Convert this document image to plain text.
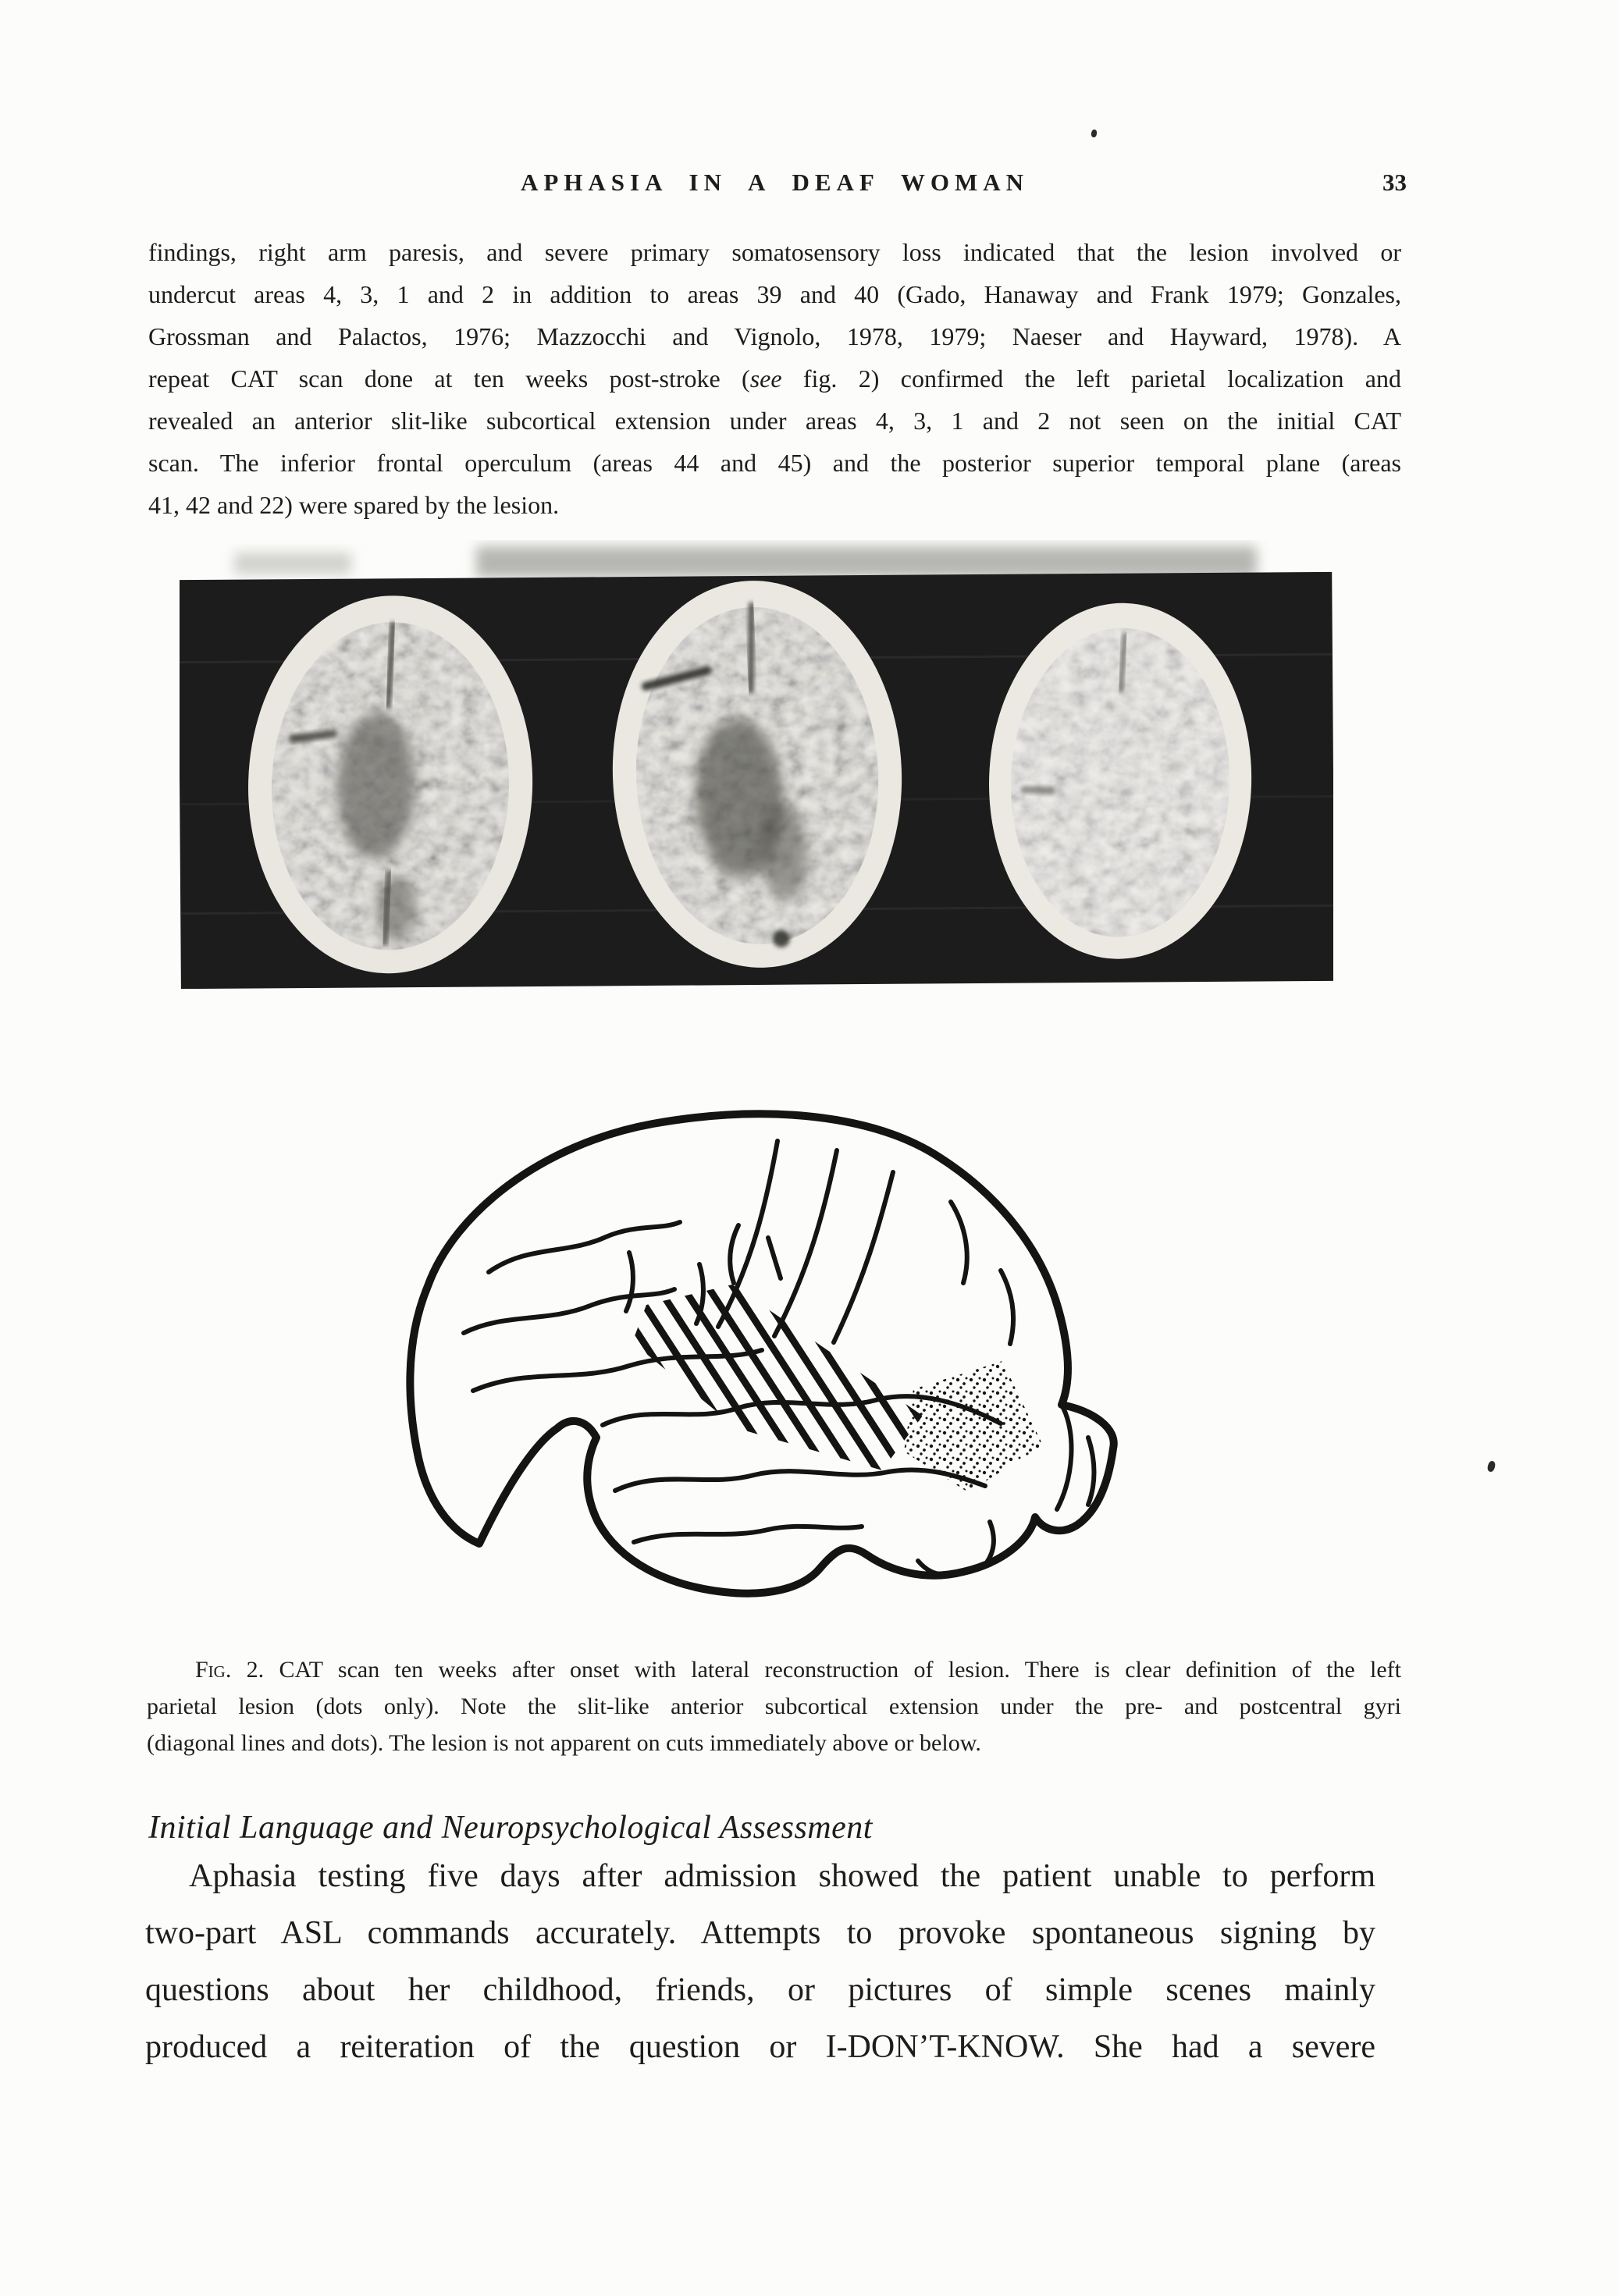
APHASIA IN A DEAF WOMAN	33
findings, right arm paresis, and severe primary somatosensory loss indicated that the lesion involved or
undercut areas 4, 3, 1 and 2 in addition to areas 39 and 40 (Gado, Hanaway and Frank 1979; Gonzales,
Grossman and Palactos, 1976; Mazzocchi and Vignolo, 1978, 1979; Naeser and Hayward, 1978). A
repeat CAT scan done at ten weeks post-stroke (see fig. 2) confirmed the left parietal localization and
revealed an anterior slit-like subcortical extension under areas 4, 3, 1 and 2 not seen on the initial CAT
scan. The inferior frontal operculum (areas 44 and 45) and the posterior superior temporal plane (areas
41, 42 and 22) were spared by the lesion.
Fig. 2. CAT scan ten weeks after onset with lateral reconstruction of lesion. There is clear definition of the left
parietal lesion (dots only). Note the slit-like anterior subcortical extension under the pre- and postcentral gyri
(diagonal lines and dots). The lesion is not apparent on cuts immediately above or below.
Initial Language and Neuropsychological Assessment
Aphasia testing five days after admission showed the patient unable to perform
two-part ASL commands accurately. Attempts to provoke spontaneous signing by
questions about her childhood, friends, or pictures of simple scenes mainly
produced a reiteration of the question or I-DON’T-KNOW. She had a severe
